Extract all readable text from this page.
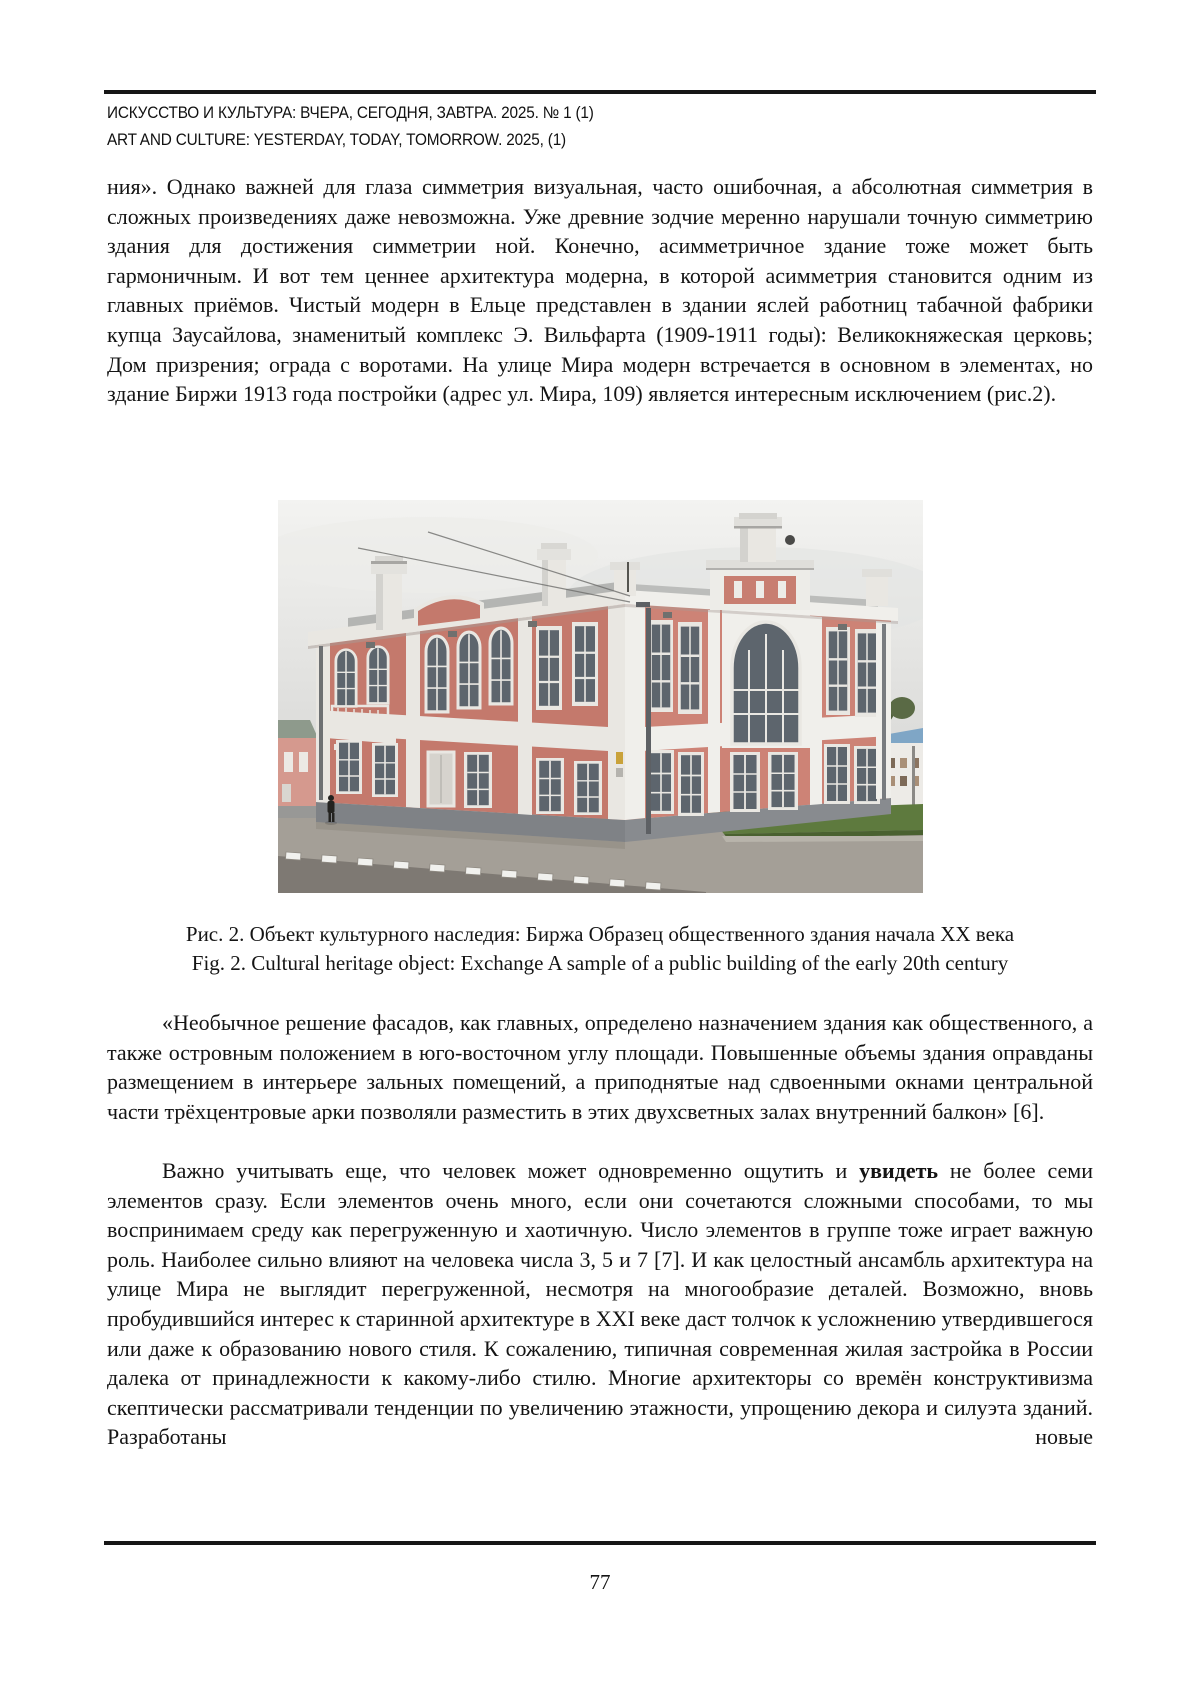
ИСКУССТВО И КУЛЬТУРА: ВЧЕРА, СЕГОДНЯ, ЗАВТРА. 2025. № 1 (1)
ART AND CULTURE: YESTERDAY, TODAY, TOMORROW. 2025, (1)

ния». Однако важней для глаза симметрия визуальная, часто ошибочная, а абсолютная симметрия в сложных произведениях даже невозможна. Уже древние зодчие меренно нарушали точную симметрию здания для достижения симметрии ной. Конечно, асимметричное здание тоже может быть гармоничным. И вот тем ценнее архитектура модерна, в которой асимметрия становится одним из главных приёмов. Чистый модерн в Ельце представлен в здании яслей работниц табачной фабрики купца Заусайлова, знаменитый комплекс Э. Вильфарта (1909-1911 годы): Великокняжеская церковь; Дом призрения; ограда с воротами. На улице Мира модерн встречается в основном в элементах, но здание Биржи 1913 года постройки (адрес ул. Мира, 109) является интересным исключением (рис.2).

Рис. 2. Объект культурного наследия: Биржа Образец общественного здания начала XX века
Fig. 2. Cultural heritage object: Exchange A sample of a public building of the early 20th century

«Необычное решение фасадов, как главных, определено назначением здания как общественного, а также островным положением в юго-восточном углу площади. Повышенные объемы здания оправданы размещением в интерьере зальных помещений, а приподнятые над сдвоенными окнами центральной части трёхцентровые арки позволяли разместить в этих двухсветных залах внутренний балкон» [6].

Важно учитывать еще, что человек может одновременно ощутить и увидеть не более семи элементов сразу. Если элементов очень много, если они сочетаются сложными способами, то мы воспринимаем среду как перегруженную и хаотичную. Число элементов в группе тоже играет важную роль. Наиболее сильно влияют на человека числа 3, 5 и 7 [7]. И как целостный ансамбль архитектура на улице Мира не выглядит перегруженной, несмотря на многообразие деталей. Возможно, вновь пробудившийся интерес к старинной архитектуре в XXI веке даст толчок к усложнению утвердившегося или даже к образованию нового стиля. К сожалению, типичная современная жилая застройка в России далека от принадлежности к какому-либо стилю. Многие архитекторы со времён конструктивизма скептически рассматривали тенденции по увеличению этажности, упрощению декора и силуэта зданий. Разработаны новые

77
